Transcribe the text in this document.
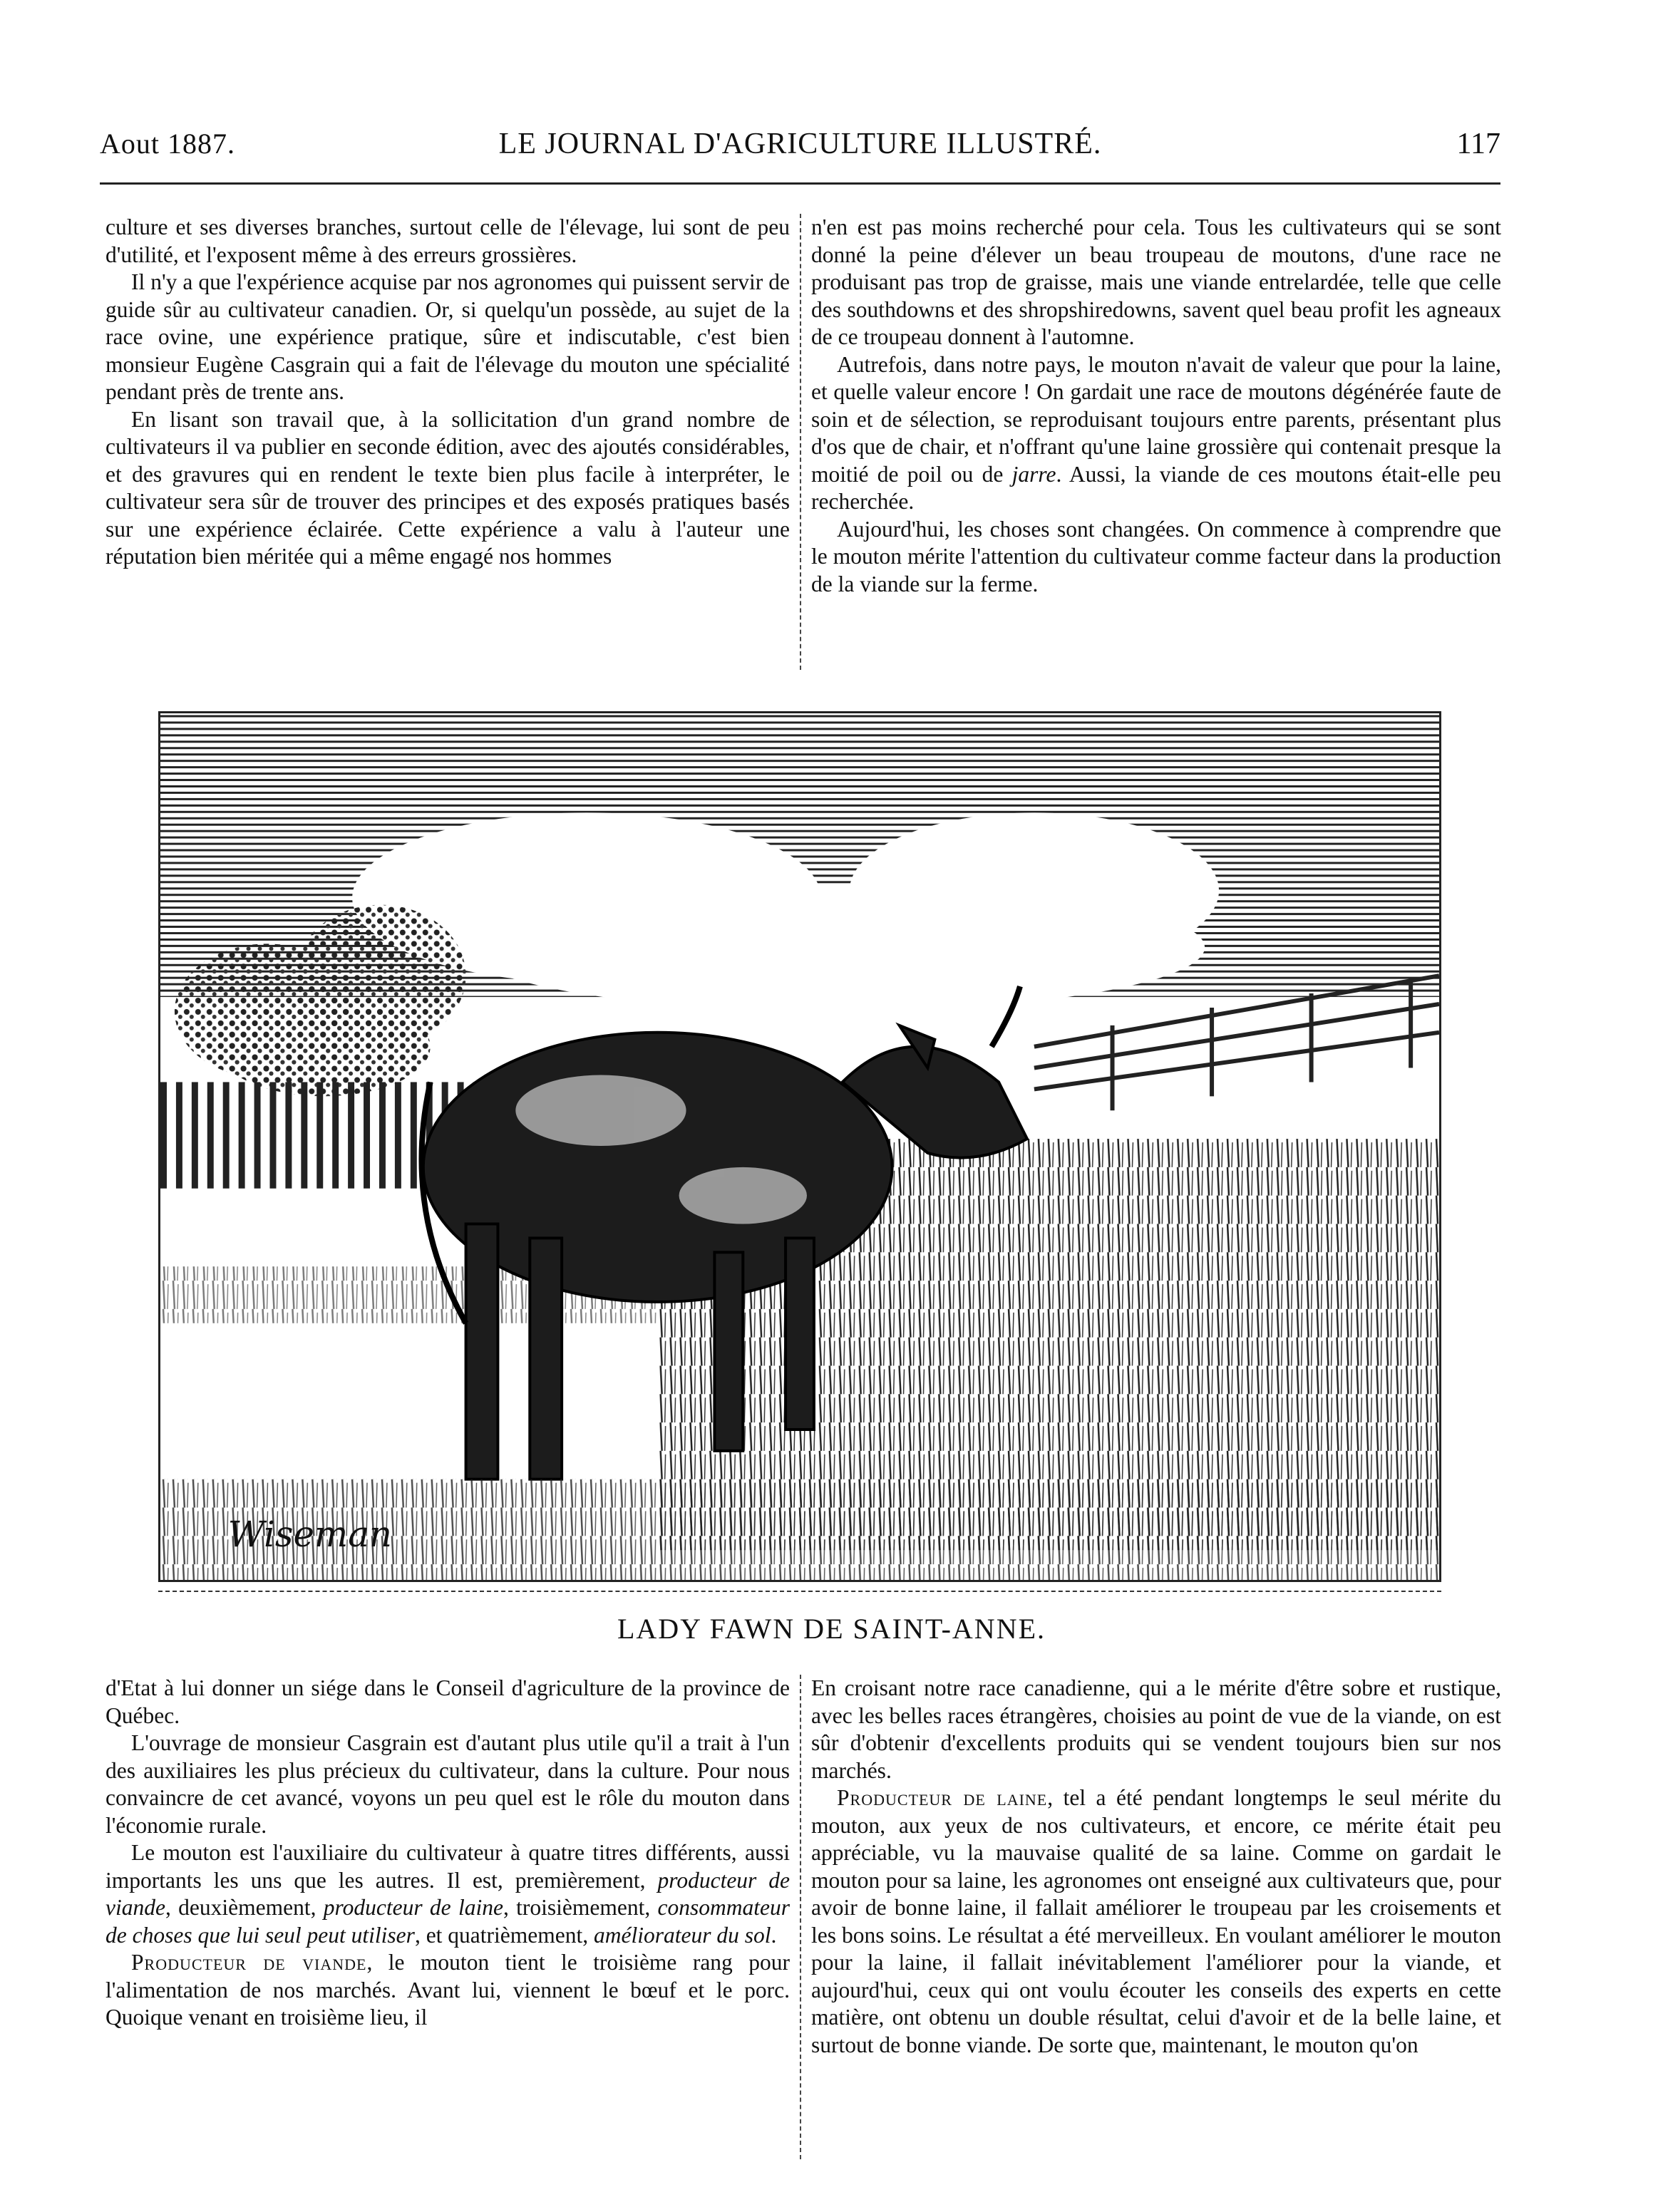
Aout 1887.	LE JOURNAL D'AGRICULTURE ILLUSTRÉ.	117

culture et ses diverses branches, surtout celle de l'élevage, lui sont de peu d'utilité, et l'exposent même à des erreurs grossières.

Il n'y a que l'expérience acquise par nos agronomes qui puissent servir de guide sûr au cultivateur canadien. Or, si quelqu'un possède, au sujet de la race ovine, une expérience pratique, sûre et indiscutable, c'est bien monsieur Eugène Casgrain qui a fait de l'élevage du mouton une spécialité pendant près de trente ans.

En lisant son travail que, à la sollicitation d'un grand nombre de cultivateurs il va publier en seconde édition, avec des ajoutés considérables, et des gravures qui en rendent le texte bien plus facile à interpréter, le cultivateur sera sûr de trouver des principes et des exposés pratiques basés sur une expérience éclairée. Cette expérience a valu à l'auteur une réputation bien méritée qui a même engagé nos hommes

n'en est pas moins recherché pour cela. Tous les cultivateurs qui se sont donné la peine d'élever un beau troupeau de moutons, d'une race ne produisant pas trop de graisse, mais une viande entrelardée, telle que celle des southdowns et des shropshiredowns, savent quel beau profit les agneaux de ce troupeau donnent à l'automne.

Autrefois, dans notre pays, le mouton n'avait de valeur que pour la laine, et quelle valeur encore ! On gardait une race de moutons dégénérée faute de soin et de sélection, se reproduisant toujours entre parents, présentant plus d'os que de chair, et n'offrant qu'une laine grossière qui contenait presque la moitié de poil ou de jarre. Aussi, la viande de ces moutons était-elle peu recherchée.

Aujourd'hui, les choses sont changées. On commence à comprendre que le mouton mérite l'attention du cultivateur comme facteur dans la production de la viande sur la ferme.

Wiseman
LADY FAWN DE SAINT-ANNE.

d'Etat à lui donner un siége dans le Conseil d'agriculture de la province de Québec.

L'ouvrage de monsieur Casgrain est d'autant plus utile qu'il a trait à l'un des auxiliaires les plus précieux du cultivateur, dans la culture. Pour nous convaincre de cet avancé, voyons un peu quel est le rôle du mouton dans l'économie rurale.

Le mouton est l'auxiliaire du cultivateur à quatre titres différents, aussi importants les uns que les autres. Il est, premièrement, producteur de viande, deuxièmement, producteur de laine, troisièmement, consommateur de choses que lui seul peut utiliser, et quatrièmement, améliorateur du sol.

Producteur de viande, le mouton tient le troisième rang pour l'alimentation de nos marchés. Avant lui, viennent le bœuf et le porc. Quoique venant en troisième lieu, il

En croisant notre race canadienne, qui a le mérite d'être sobre et rustique, avec les belles races étrangères, choisies au point de vue de la viande, on est sûr d'obtenir d'excellents produits qui se vendent toujours bien sur nos marchés.

Producteur de laine, tel a été pendant longtemps le seul mérite du mouton, aux yeux de nos cultivateurs, et encore, ce mérite était peu appréciable, vu la mauvaise qualité de sa laine. Comme on gardait le mouton pour sa laine, les agronomes ont enseigné aux cultivateurs que, pour avoir de bonne laine, il fallait améliorer le troupeau par les croisements et les bons soins. Le résultat a été merveilleux. En voulant améliorer le mouton pour la laine, il fallait inévitablement l'améliorer pour la viande, et aujourd'hui, ceux qui ont voulu écouter les conseils des experts en cette matière, ont obtenu un double résultat, celui d'avoir et de la belle laine, et surtout de bonne viande. De sorte que, maintenant, le mouton qu'on
